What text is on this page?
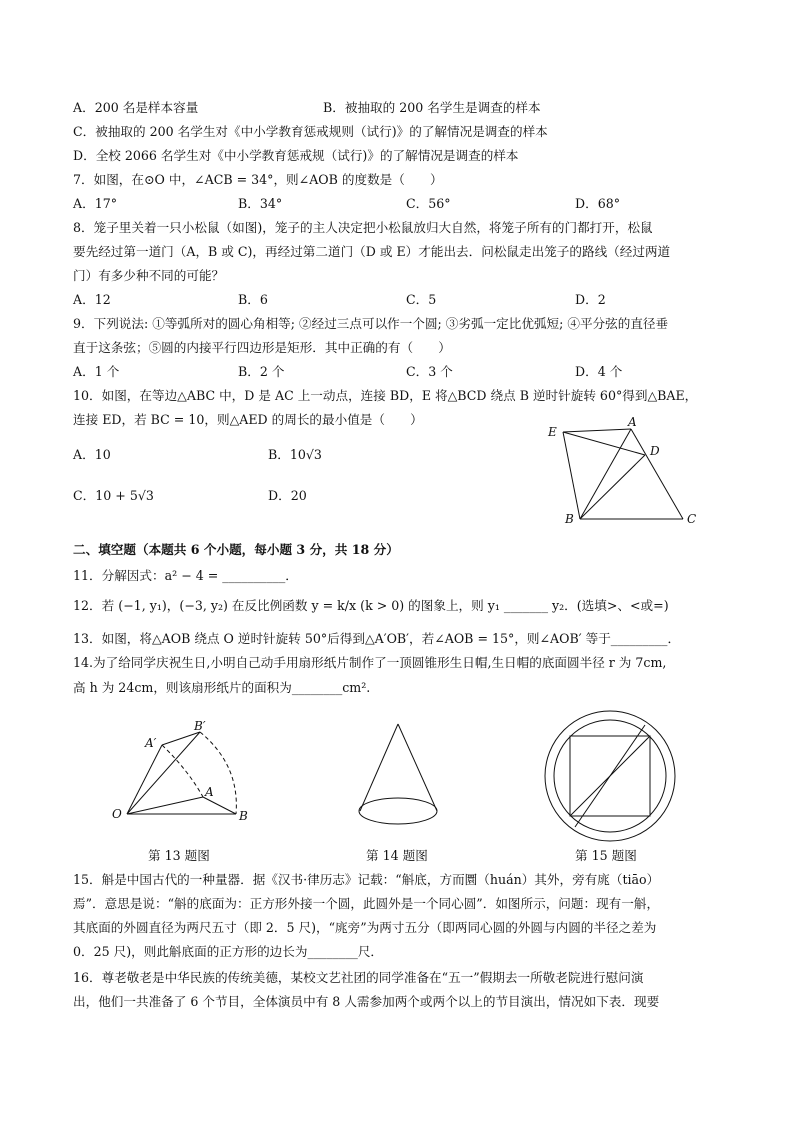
A．200 名是样本容量	B．被抽取的 200 名学生是调查的样本
C．被抽取的 200 名学生对《中小学教育惩戒规则（试行)》的了解情况是调查的样本
D．全校 2066 名学生对《中小学教育惩戒规（试行)》的了解情况是调查的样本
7．如图，在⊙O 中，∠ACB = 34°，则∠AOB 的度数是（　　）
A．17°	B．34°	C．56°	D．68°
8．笼子里关着一只小松鼠（如图)，笼子的主人决定把小松鼠放归大自然，将笼子所有的门都打开，松鼠
要先经过第一道门（A，B 或 C)，再经过第二道门（D 或 E）才能出去．问松鼠走出笼子的路线（经过两道
门）有多少种不同的可能？
A．12	B．6	C．5	D．2
9．下列说法: ①等弧所对的圆心角相等; ②经过三点可以作一个圆; ③劣弧一定比优弧短; ④平分弦的直径垂
直于这条弦；⑤圆的内接平行四边形是矩形．其中正确的有（　　）
A．1 个	B．2 个	C．3 个	D．4 个
10．如图，在等边△ABC 中，D 是 AC 上一动点，连接 BD，E 将△BCD 绕点 B 逆时针旋转 60°得到△BAE，
连接 ED，若 BC = 10，则△AED 的周长的最小值是（　　）
A．10	B．10√3
C．10 + 5√3	D．20
E
A
D
B	C
二、填空题（本题共 6 个小题，每小题 3 分，共 18 分）
11．分解因式：a² − 4 = __________．
12．若 (−1, y₁)，(−3, y₂) 在反比例函数 y = k/x (k > 0) 的图象上，则 y₁ _______ y₂．(选填>、<或=)
13．如图，将△AOB 绕点 O 逆时针旋转 50°后得到△A′OB′，若∠AOB = 15°，则∠AOB′ 等于_________．
14.为了给同学庆祝生日,小明自己动手用扇形纸片制作了一顶圆锥形生日帽,生日帽的底面圆半径 r 为 7cm,
高 h 为 24cm，则该扇形纸片的面积为________cm².
B′
A′
A
O	B
第 13 题图	第 14 题图	第 15 题图
15．斛是中国古代的一种量器．据《汉书·律历志》记载：“斛底，方而圜（huán）其外，旁有庣（tiāo）
焉”．意思是说：“斛的底面为：正方形外接一个圆，此圆外是一个同心圆”．如图所示，问题：现有一斛，
其底面的外圆直径为两尺五寸（即 2．5 尺)，“庣旁”为两寸五分（即两同心圆的外圆与内圆的半径之差为
0．25 尺)，则此斛底面的正方形的边长为________尺．
16．尊老敬老是中华民族的传统美德，某校文艺社团的同学准备在“五一”假期去一所敬老院进行慰问演
出，他们一共准备了 6 个节目，全体演员中有 8 人需参加两个或两个以上的节目演出，情况如下表．现要
